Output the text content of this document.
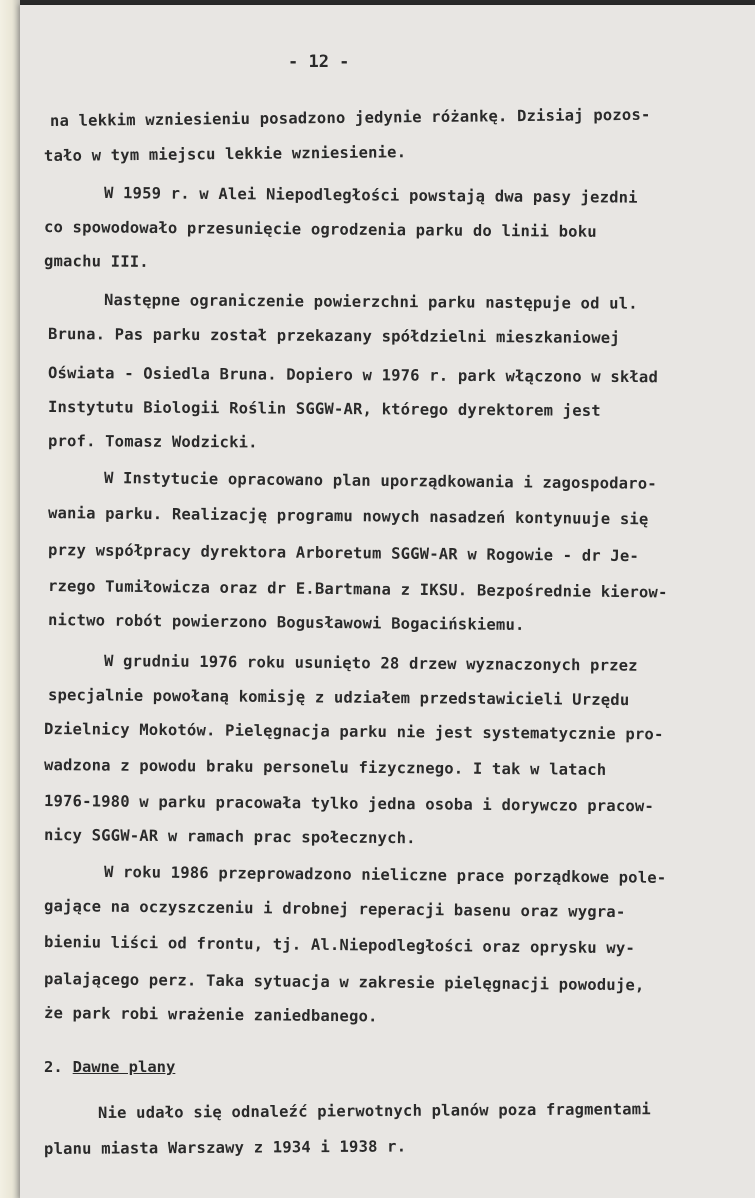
- 12 -
na lekkim wzniesieniu posadzono jedynie różankę. Dzisiaj pozos-
tało w tym miejscu lekkie wzniesienie.
W 1959 r. w Alei Niepodległości powstają dwa pasy jezdni
co spowodowało przesunięcie ogrodzenia parku do linii boku
gmachu III.
Następne ograniczenie powierzchni parku następuje od ul.
Bruna. Pas parku został przekazany spółdzielni mieszkaniowej
Oświata - Osiedla Bruna. Dopiero w 1976 r. park włączono w skład
Instytutu Biologii Roślin SGGW-AR, którego dyrektorem jest
prof. Tomasz Wodzicki.
W Instytucie opracowano plan uporządkowania i zagospodaro-
wania parku. Realizację programu nowych nasadzeń kontynuuje się
przy współpracy dyrektora Arboretum SGGW-AR w Rogowie - dr Je-
rzego Tumiłowicza oraz dr E.Bartmana z IKSU. Bezpośrednie kierow-
nictwo robót powierzono Bogusławowi Bogacińskiemu.
W grudniu 1976 roku usunięto 28 drzew wyznaczonych przez
specjalnie powołaną komisję z udziałem przedstawicieli Urzędu
Dzielnicy Mokotów. Pielęgnacja parku nie jest systematycznie pro-
wadzona z powodu braku personelu fizycznego. I tak w latach
1976-1980 w parku pracowała tylko jedna osoba i dorywczo pracow-
nicy SGGW-AR w ramach prac społecznych.
W roku 1986 przeprowadzono nieliczne prace porządkowe pole-
gające na oczyszczeniu i drobnej reperacji basenu oraz wygra-
bieniu liści od frontu, tj. Al.Niepodległości oraz oprysku wy-
palającego perz. Taka sytuacja w zakresie pielęgnacji powoduje,
że park robi wrażenie zaniedbanego.
Nie udało się odnaleźć pierwotnych planów poza fragmentami
planu miasta Warszawy z 1934 i 1938 r.
2. Dawne plany
